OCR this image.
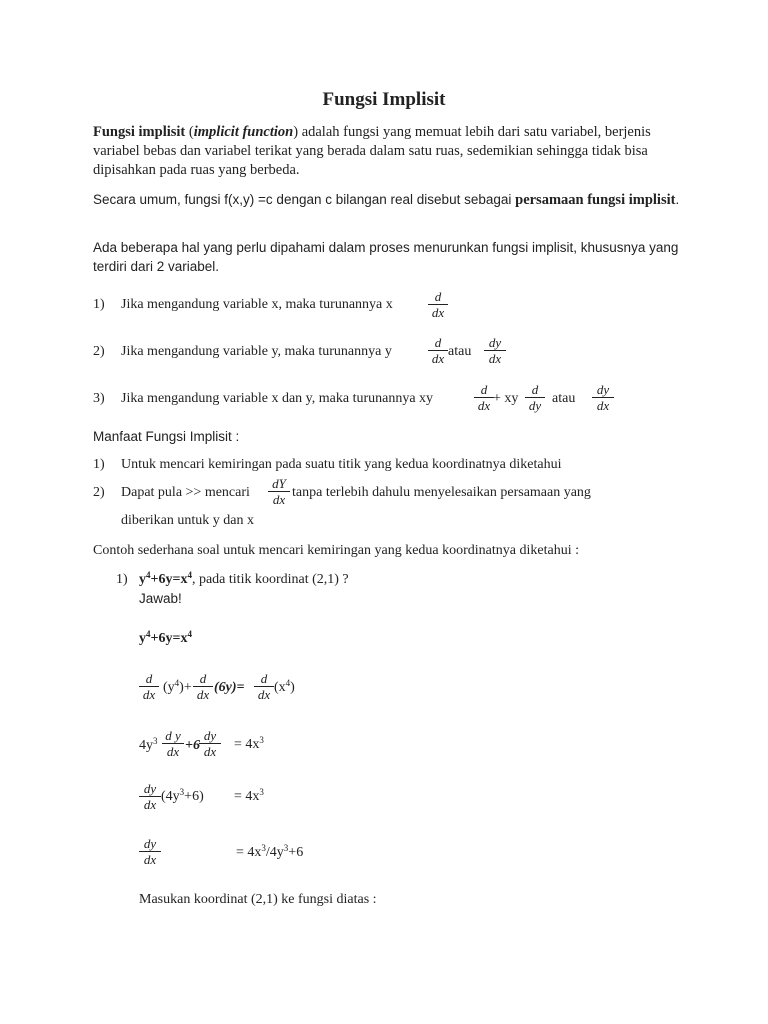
Fungsi Implisit
Fungsi implisit (implicit function) adalah fungsi yang memuat lebih dari satu variabel, berjenis variabel bebas dan variabel terikat yang berada dalam satu ruas, sedemikian sehingga tidak bisa dipisahkan pada ruas yang berbeda.
Secara umum, fungsi f(x,y) =c dengan c bilangan real disebut sebagai persamaan fungsi implisit.
Ada beberapa hal yang perlu dipahami dalam proses menurunkan fungsi implisit, khususnya yang terdiri dari 2 variabel.
1) Jika mengandung variable x, maka turunannya x
d
dx
2) Jika mengandung variable y, maka turunannya y
d
dx atau
dy
dx
3) Jika mengandung variable x dan y, maka turunannya xy
d
dx + xy
d
dy atau
dy
dx
Manfaat Fungsi Implisit :
1) Untuk mencari kemiringan pada suatu titik yang kedua koordinatnya diketahui
2) Dapat pula >> mencari
dY
dx tanpa terlebih dahulu menyelesaikan persamaan yang
diberikan untuk y dan x
Contoh sederhana soal untuk mencari kemiringan yang kedua koordinatnya diketahui :
1) $y^4+6y=x^4$, pada titik koordinat (2,1) ?
Jawab!
$y^4+6y=x^4$
d
dx $(y^4)+$
d
dx (6y)=
d
dx $(x^4)$
$4y^3$ d y
dx +6
dy
dx	= $4x^3$
dy
dx
$(4y^3+6) = 4x^3$
dy
dx	= $4x^3/4y^3+6$
Masukan koordinat (2,1) ke fungsi diatas :
